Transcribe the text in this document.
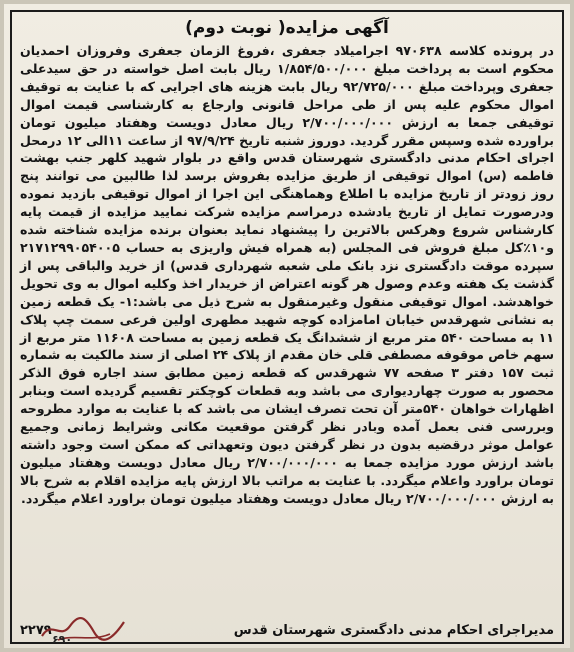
آگهی مزایده( نوبت دوم)

در پرونده کلاسه ۹۷۰۶۳۸ اجرامیلاد جعفری ،فروغ الزمان جعفری وفروزان احمدیان محکوم است به پرداخت مبلغ ۱/۸۵۴/۵۰۰/۰۰۰ ریال بابت اصل خواسته در حق سیدعلی جعفری وپرداخت مبلغ ۹۲/۷۲۵/۰۰۰ ریال بابت هزینه های اجرایی که با عنایت به توقیف اموال محکوم علیه پس از طی مراحل قانونی وارجاع به کارشناسی قیمت اموال توقیفی جمعا به ارزش ۲/۷۰۰/۰۰۰/۰۰۰ ریال معادل دویست وهفتاد میلیون تومان براورده شده وسپس مقرر گردید. دوروز شنبه تاریخ ۹۷/۹/۲۴ از ساعت ۱۱الی ۱۲ درمحل اجرای احکام مدنی دادگستری شهرستان قدس واقع در بلوار شهید کلهر جنب بهشت فاطمه (س) اموال توقیفی از طریق مزایده بفروش برسد لذا طالبین می توانند پنج روز زودتر از تاریخ مزایده با اطلاع وهماهنگی این اجرا از اموال توقیفی بازدید نموده ودرصورت تمایل از تاریخ یادشده درمراسم مزایده شرکت نمایید مزایده از قیمت پایه کارشناس شروع وهرکس بالاترین را پیشنهاد نماید بعنوان برنده مزایده شناخته شده و۱۰٪کل مبلغ فروش فی المجلس (به همراه فیش واریزی به حساب ۲۱۷۱۲۹۹۰۵۴۰۰۵ سپرده موقت دادگستری نزد بانک ملی شعبه شهرداری قدس) از خرید والباقی پس از گذشت یک هفته وعدم وصول هر گونه اعتراض از خریدار اخذ وکلیه اموال به وی تحویل خواهدشد. اموال توقیفی منقول وغیرمنقول به شرح ذیل می باشد:۱- یک قطعه زمین به نشانی شهرقدس خیابان امامزاده کوچه شهید مطهری اولین فرعی سمت چپ پلاک ۱۱ به مساحت ۵۴۰ متر مربع از ششدانگ یک قطعه زمین به مساحت ۱۱۶۰۸ متر مربع از سهم خاص موقوفه مصطفی قلی خان مقدم از پلاک ۲۴ اصلی از سند مالکیت به شماره ثبت ۱۵۷ دفتر ۳ صفحه ۷۷ شهرقدس که قطعه زمین مطابق سند اجاره فوق الذکر محصور به صورت چهاردیواری می باشد وبه قطعات کوچکتر تقسیم گردیده است وبنابر اظهارات خواهان ۵۴۰متر آن تحت تصرف ایشان می باشد که با عنایت به موارد مطروحه وبررسی فنی بعمل آمده وبادر نظر گرفتن موقعیت مکانی وشرایط زمانی وجمیع عوامل موثر درقضیه بدون در نظر گرفتن دیون وتعهداتی که ممکن است وجود داشته باشد ارزش مورد مزایده جمعا به ۲/۷۰۰/۰۰۰/۰۰۰ ریال معادل دویست وهفتاد میلیون تومان براورد واعلام میگردد. با عنایت به مراتب بالا ارزش پایه مزایده اقلام به شرح بالا به ارزش ۲/۷۰۰/۰۰۰/۰۰۰ ریال معادل دویست وهفتاد میلیون تومان براورد اعلام میگردد.

مدیراجرای احکام مدنی دادگستری شهرستان قدس
۲۲۷۹
۶۹۰
